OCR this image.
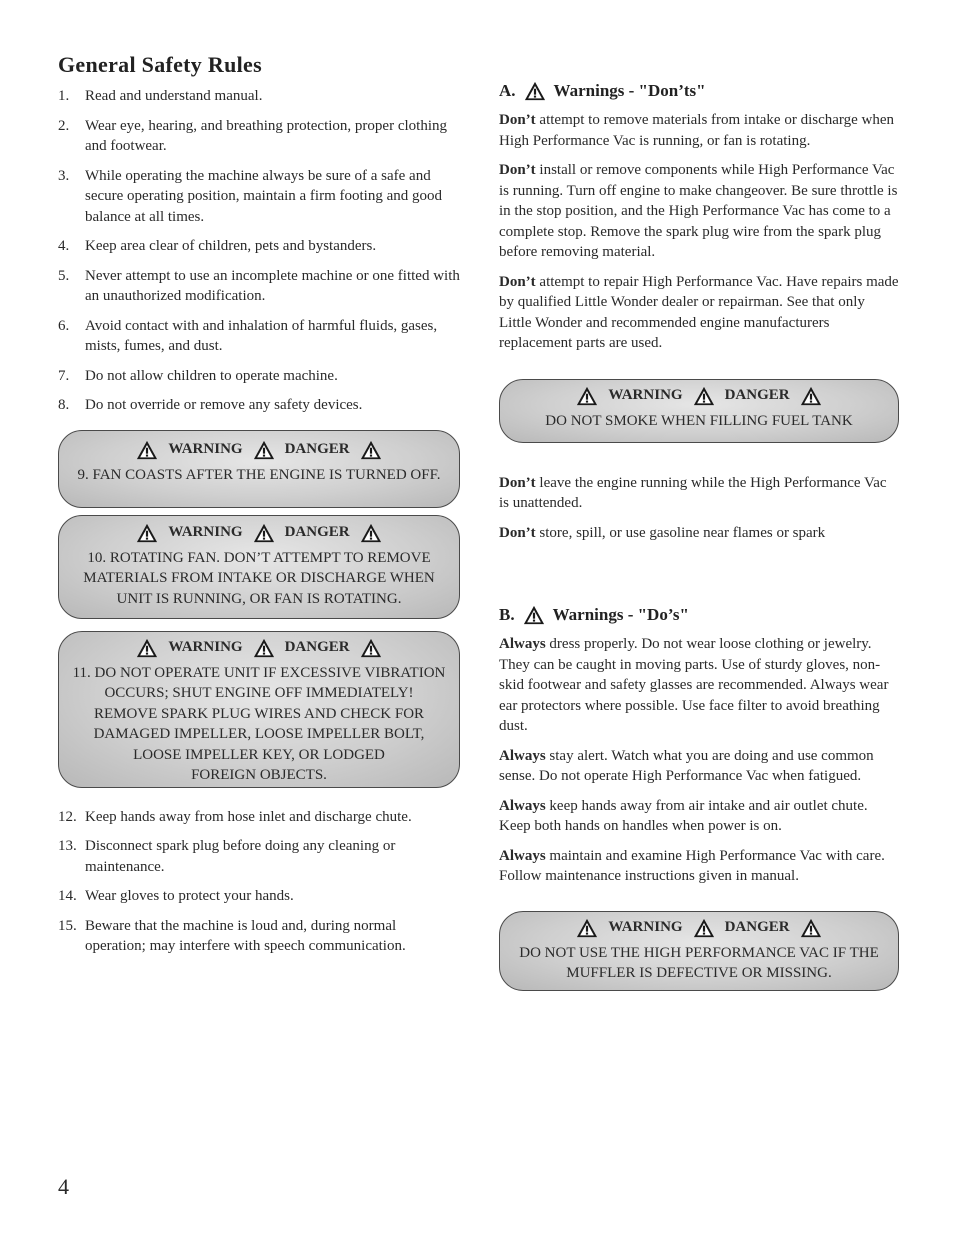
General Safety Rules
1. Read and understand manual.
2. Wear eye, hearing, and breathing protection, proper clothing and footwear.
3. While operating the machine always be sure of a safe and secure operating position, maintain a firm footing and good balance at all times.
4. Keep area clear of children, pets and bystanders.
5. Never attempt to use an incomplete machine or one fitted with an unauthorized modification.
6. Avoid contact with and inhalation of harmful fluids, gases, mists, fumes, and dust.
7. Do not allow children to operate machine.
8. Do not override or remove any safety devices.
WARNING	DANGER

9. FAN COASTS AFTER THE ENGINE IS TURNED OFF.

WARNING	DANGER

10. ROTATING FAN. DON’T ATTEMPT TO REMOVE

MATERIALS FROM INTAKE OR DISCHARGE WHEN

UNIT IS RUNNING, OR FAN IS ROTATING.

WARNING	DANGER

11. DO NOT OPERATE UNIT IF EXCESSIVE VIBRATION

OCCURS; SHUT ENGINE OFF IMMEDIATELY!

REMOVE SPARK PLUG WIRES AND CHECK FOR

DAMAGED IMPELLER, LOOSE IMPELLER BOLT,

LOOSE IMPELLER KEY, OR LODGED

FOREIGN OBJECTS.

12. Keep hands away from hose inlet and discharge chute.
13. Disconnect spark plug before doing any cleaning or maintenance.
14. Wear gloves to protect your hands.
15. Beware that the machine is loud and, during normal operation; may interfere with speech communication.
A. Warnings - "Don’ts"

Don’t attempt to remove materials from intake or discharge when High Performance Vac is running, or fan is rotating.

Don’t install or remove components while High Performance Vac is running. Turn off engine to make changeover. Be sure throttle is in the stop position, and the High Performance Vac has come to a complete stop. Remove the spark plug wire from the spark plug before removing material.

Don’t attempt to repair High Performance Vac. Have repairs made by qualified Little Wonder dealer or repairman. See that only Little Wonder and recommended engine manufacturers replacement parts are used.

WARNING	DANGER

DO NOT SMOKE WHEN FILLING FUEL TANK

Don’t leave the engine running while the High Performance Vac is unattended.

Don’t store, spill, or use gasoline near flames or spark

B. Warnings - "Do’s"

Always dress properly. Do not wear loose clothing or jewelry. They can be caught in moving parts. Use of sturdy gloves, non-skid footwear and safety glasses are recommended. Always wear ear protectors where possible. Use face filter to avoid breathing dust.

Always stay alert. Watch what you are doing and use common sense. Do not operate High Performance Vac when fatigued.

Always keep hands away from air intake and air outlet chute. Keep both hands on handles when power is on.

Always maintain and examine High Performance Vac with care. Follow maintenance instructions given in manual.

WARNING	DANGER

DO NOT USE THE HIGH PERFORMANCE VAC IF THE

MUFFLER IS DEFECTIVE OR MISSING.

4
